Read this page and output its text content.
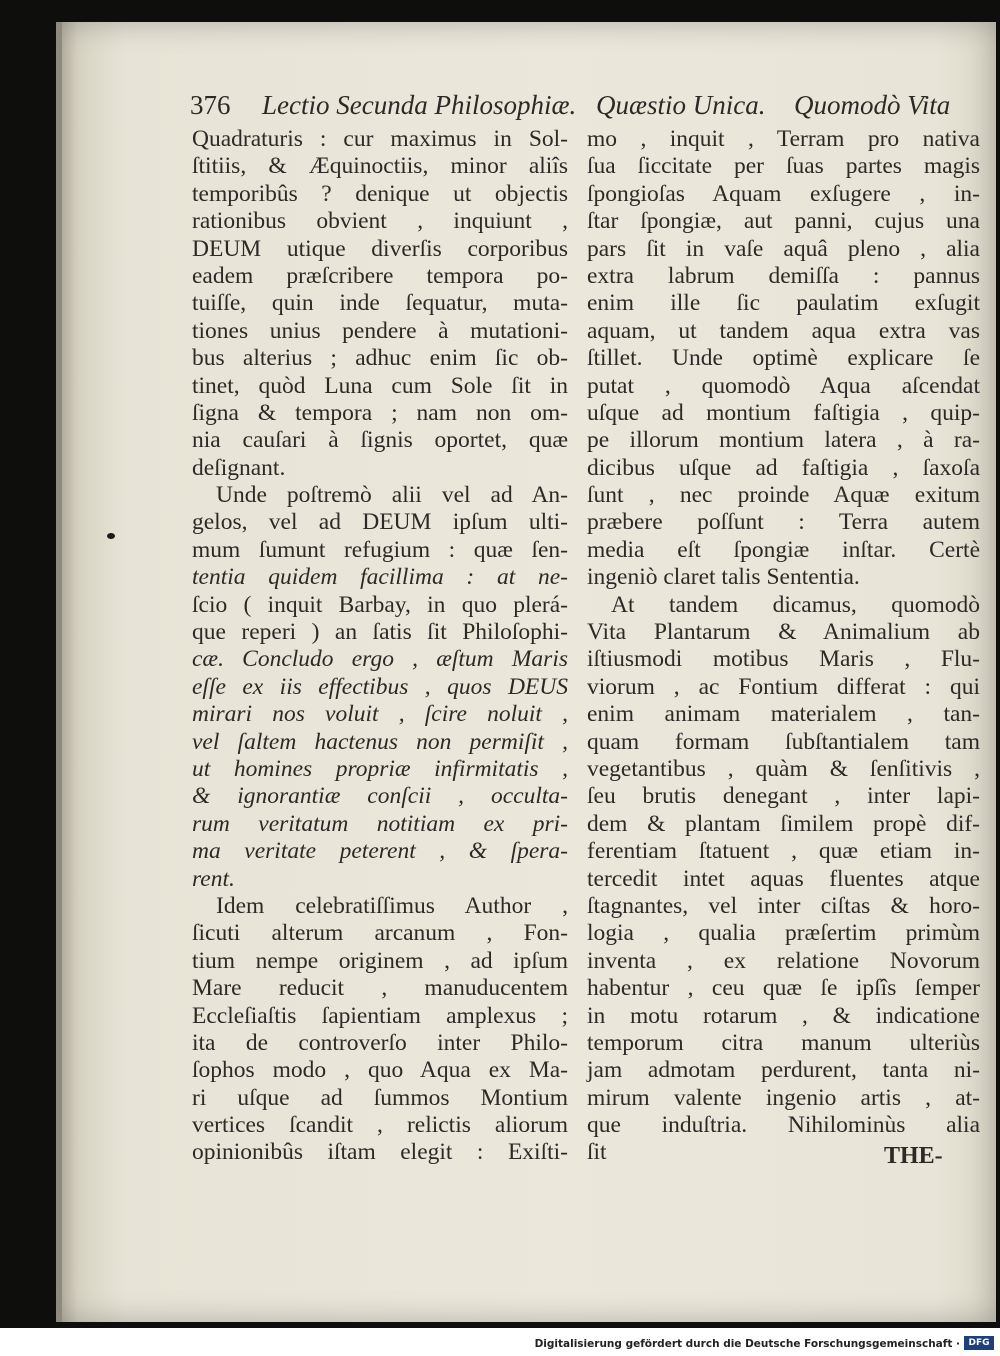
376 Lectio Secunda Philosophiæ. Quæstio Unica. Quomodò Vita
Quadraturis : cur maximus in Sol-
ſtitiis, & Æquinoctiis, minor aliîs
temporibûs ? denique ut objectis
rationibus obvient , inquiunt ,
DEUM utique diverſis corporibus
eadem præſcribere tempora po-
tuiſſe, quin inde ſequatur, muta-
tiones unius pendere à mutationi-
bus alterius ; adhuc enim ſic ob-
tinet, quòd Luna cum Sole ſit in
ſigna & tempora ; nam non om-
nia cauſari à ſignis oportet, quæ
deſignant.
Unde poſtremò alii vel ad An-
gelos, vel ad DEUM ipſum ulti-
mum ſumunt refugium : quæ ſen-
tentia quidem facillima : at ne-
ſcio ( inquit Barbay, in quo plerá-
que reperi ) an ſatis ſit Philoſophi-
cæ. Concludo ergo , æſtum Maris
eſſe ex iis effectibus , quos DEUS
mirari nos voluit , ſcire noluit ,
vel ſaltem hactenus non permiſit ,
ut homines propriæ infirmitatis ,
& ignorantiæ conſcii , occulta-
rum veritatum notitiam ex pri-
ma veritate peterent , & ſpera-
rent.
Idem celebratiſſimus Author ,
ſicuti alterum arcanum , Fon-
tium nempe originem , ad ipſum
Mare reducit , manuducentem
Eccleſiaſtis ſapientiam amplexus ;
ita de controverſo inter Philo-
ſophos modo , quo Aqua ex Ma-
ri uſque ad ſummos Montium
vertices ſcandit , relictis aliorum
opinionibûs iſtam elegit : Exiſti-
mo , inquit , Terram pro nativa
ſua ſiccitate per ſuas partes magis
ſpongioſas Aquam exſugere , in-
ſtar ſpongiæ, aut panni, cujus una
pars ſit in vaſe aquâ pleno , alia
extra labrum demiſſa : pannus
enim ille ſic paulatim exſugit
aquam, ut tandem aqua extra vas
ſtillet. Unde optimè explicare ſe
putat , quomodò Aqua aſcendat
uſque ad montium faſtigia , quip-
pe illorum montium latera , à ra-
dicibus uſque ad faſtigia , ſaxoſa
ſunt , nec proinde Aquæ exitum
præbere poſſunt : Terra autem
media eſt ſpongiæ inſtar. Certè
ingeniò claret talis Sententia.
At tandem dicamus, quomodò
Vita Plantarum & Animalium ab
iſtiusmodi motibus Maris , Flu-
viorum , ac Fontium differat : qui
enim animam materialem , tan-
quam formam ſubſtantialem tam
vegetantibus , quàm & ſenſitivis ,
ſeu brutis denegant , inter lapi-
dem & plantam ſimilem propè dif-
ferentiam ſtatuent , quæ etiam in-
tercedit intet aquas fluentes atque
ſtagnantes, vel inter ciſtas & horo-
logia , qualia præſertim primùm
inventa , ex relatione Novorum
habentur , ceu quæ ſe ipſîs ſemper
in motu rotarum , & indicatione
temporum citra manum ulteriùs
jam admotam perdurent, tanta ni-
mirum valente ingenio artis , at-
que induſtria. Nihilominùs alia
ſit	THE-
Digitalisierung gefördert durch die Deutsche Forschungsgemeinschaft · DFG
